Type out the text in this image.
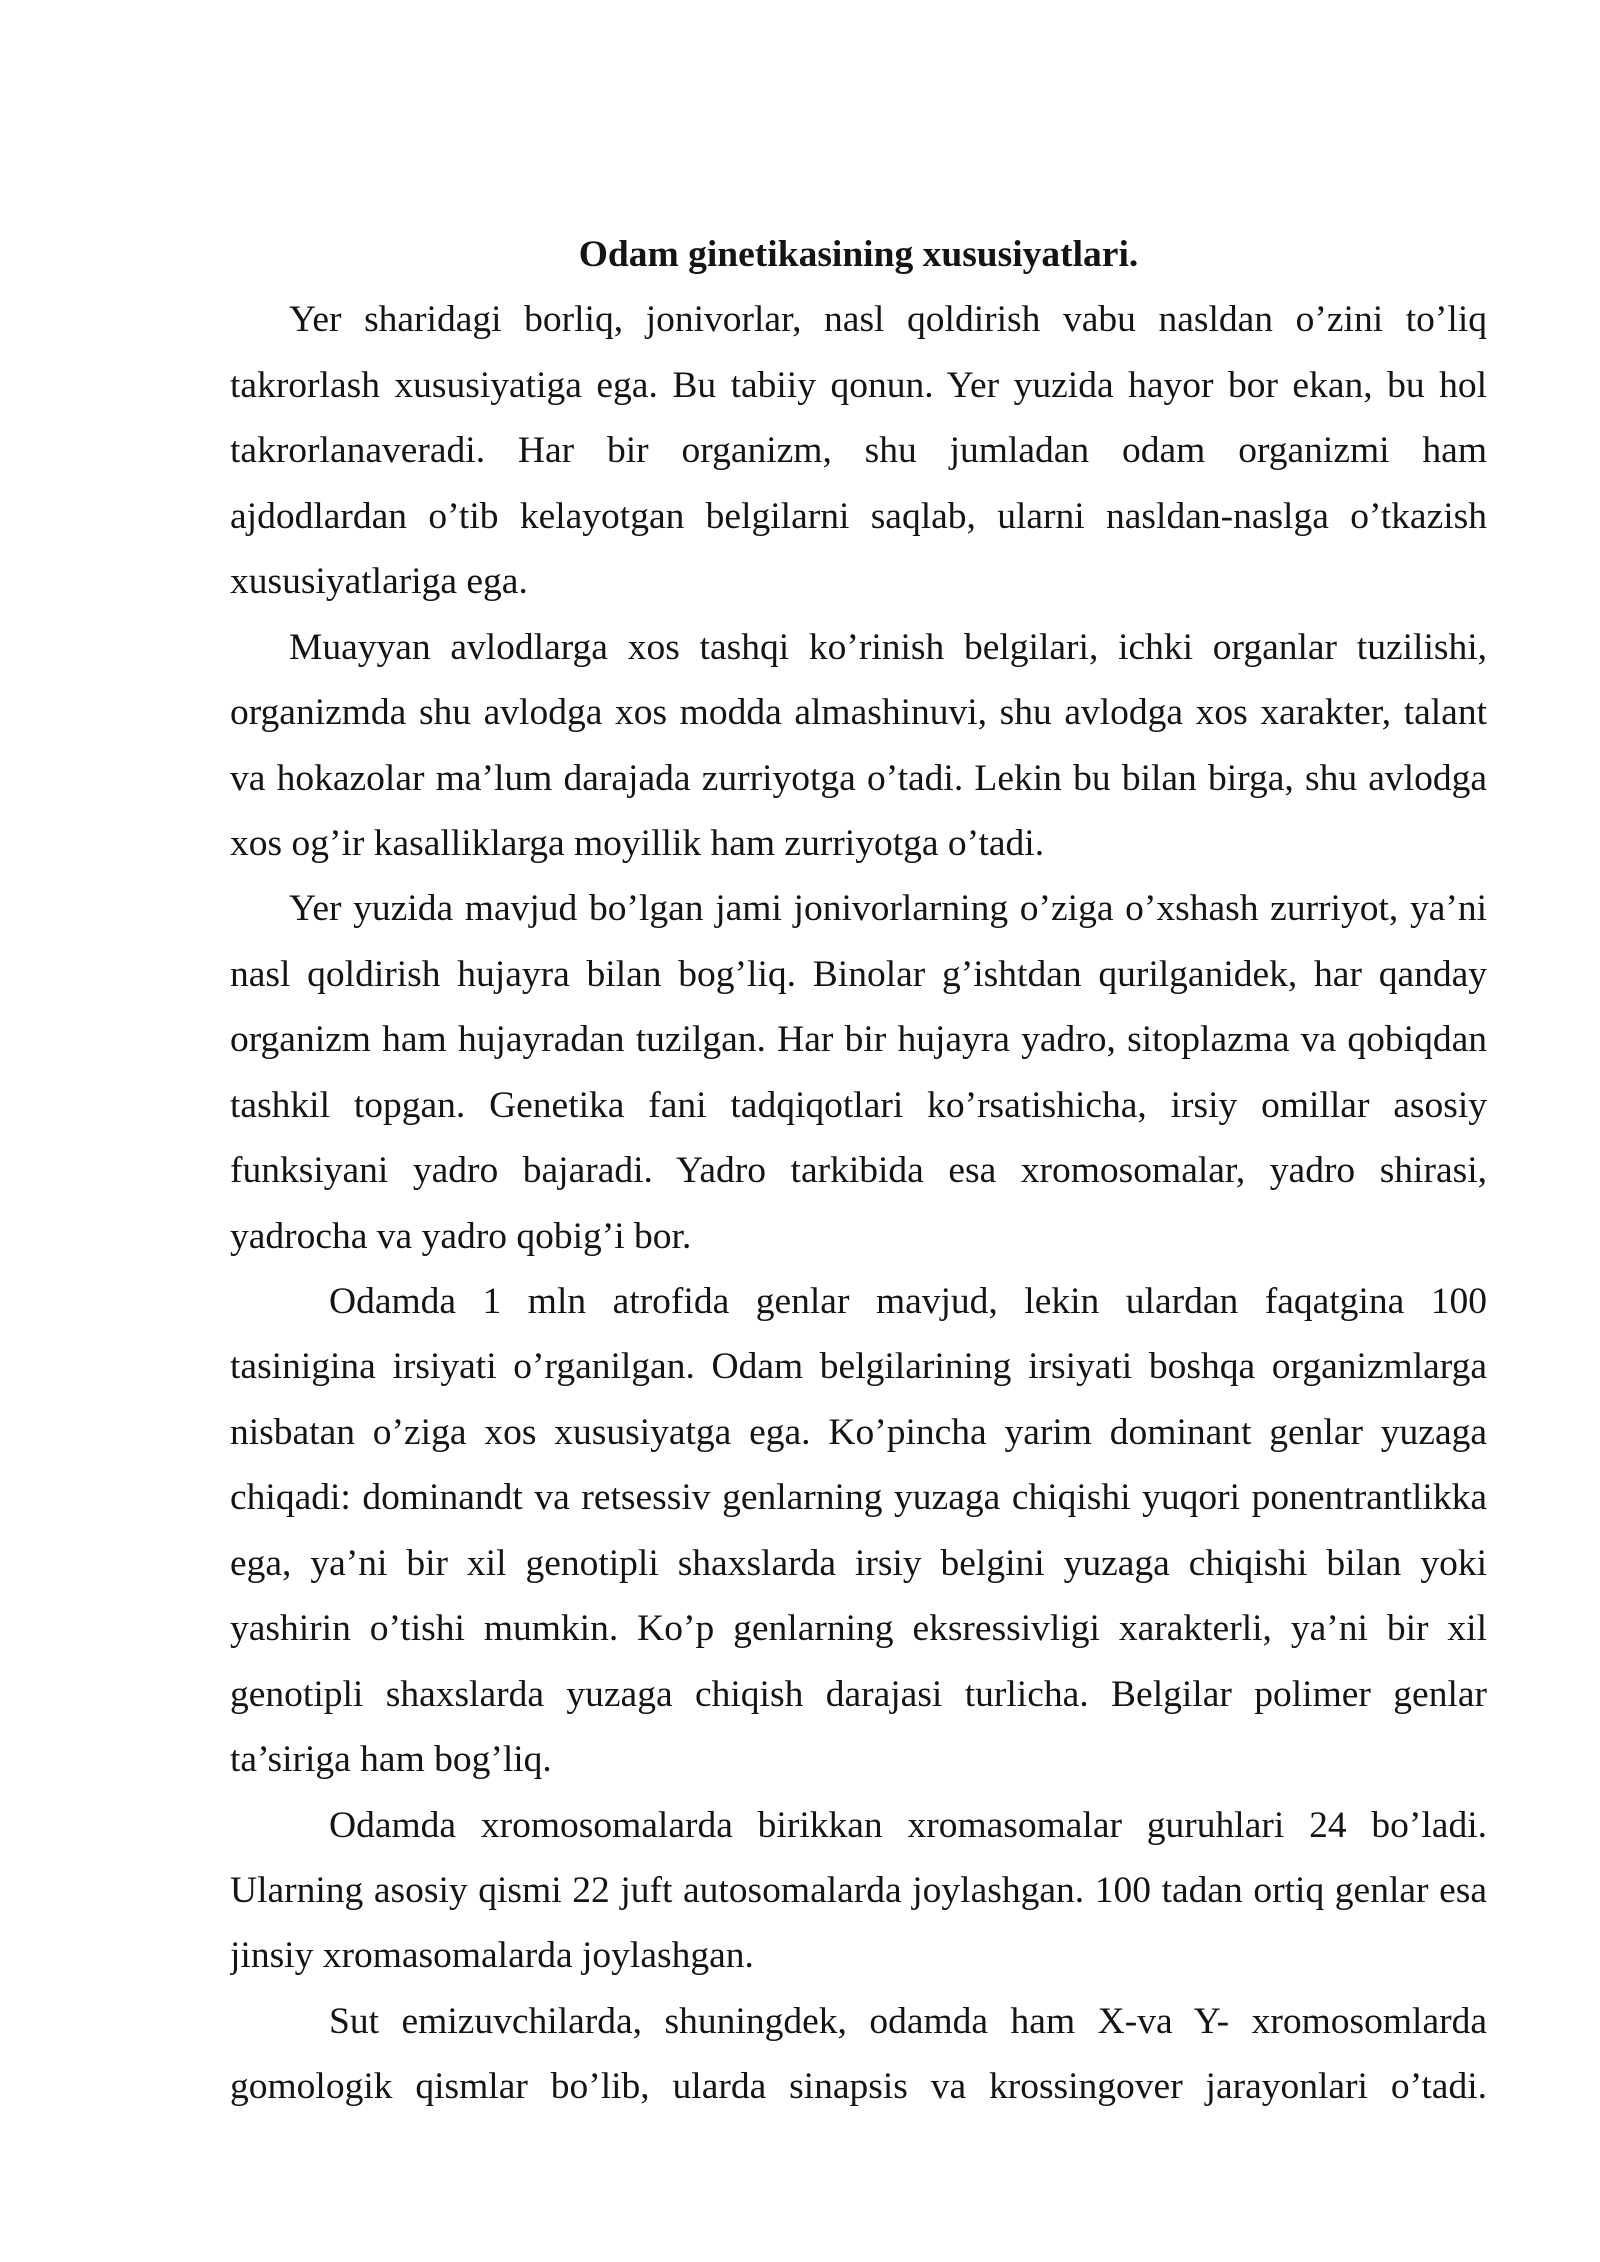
Odam ginetikasining xususiyatlari.
Yer sharidagi borliq, jonivorlar, nasl qoldirish vabu nasldan o’zini to’liq
takrorlash xususiyatiga ega. Bu tabiiy qonun. Yer yuzida hayor bor ekan, bu hol
takrorlanaveradi. Har bir organizm, shu jumladan odam organizmi ham
ajdodlardan o’tib kelayotgan belgilarni saqlab, ularni nasldan-naslga o’tkazish
xususiyatlariga ega.
Muayyan avlodlarga xos tashqi ko’rinish belgilari, ichki organlar tuzilishi,
organizmda shu avlodga xos modda almashinuvi, shu avlodga xos xarakter, talant
va hokazolar ma’lum darajada zurriyotga o’tadi. Lekin bu bilan birga, shu avlodga
xos og’ir kasalliklarga moyillik ham zurriyotga o’tadi.
Yer yuzida mavjud bo’lgan jami jonivorlarning o’ziga o’xshash zurriyot, ya’ni
nasl qoldirish hujayra bilan bog’liq. Binolar g’ishtdan qurilganidek, har qanday
organizm ham hujayradan tuzilgan. Har bir hujayra yadro, sitoplazma va qobiqdan
tashkil topgan. Genetika fani tadqiqotlari ko’rsatishicha, irsiy omillar asosiy
funksiyani yadro bajaradi. Yadro tarkibida esa xromosomalar, yadro shirasi,
yadrocha va yadro qobig’i bor.
Odamda 1 mln atrofida genlar mavjud, lekin ulardan faqatgina 100
tasinigina irsiyati o’rganilgan. Odam belgilarining irsiyati boshqa organizmlarga
nisbatan o’ziga xos xususiyatga ega. Ko’pincha yarim dominant genlar yuzaga
chiqadi: dominandt va retsessiv genlarning yuzaga chiqishi yuqori ponentrantlikka
ega, ya’ni bir xil genotipli shaxslarda irsiy belgini yuzaga chiqishi bilan yoki
yashirin o’tishi mumkin. Ko’p genlarning eksressivligi xarakterli, ya’ni bir xil
genotipli shaxslarda yuzaga chiqish darajasi turlicha. Belgilar polimer genlar
ta’siriga ham bog’liq.
Odamda xromosomalarda birikkan xromasomalar guruhlari 24 bo’ladi.
Ularning asosiy qismi 22 juft autosomalarda joylashgan. 100 tadan ortiq genlar esa
jinsiy xromasomalarda joylashgan.
Sut emizuvchilarda, shuningdek, odamda ham X-va Y- xromosomlarda
gomologik qismlar bo’lib, ularda sinapsis va krossingover jarayonlari o’tadi.
